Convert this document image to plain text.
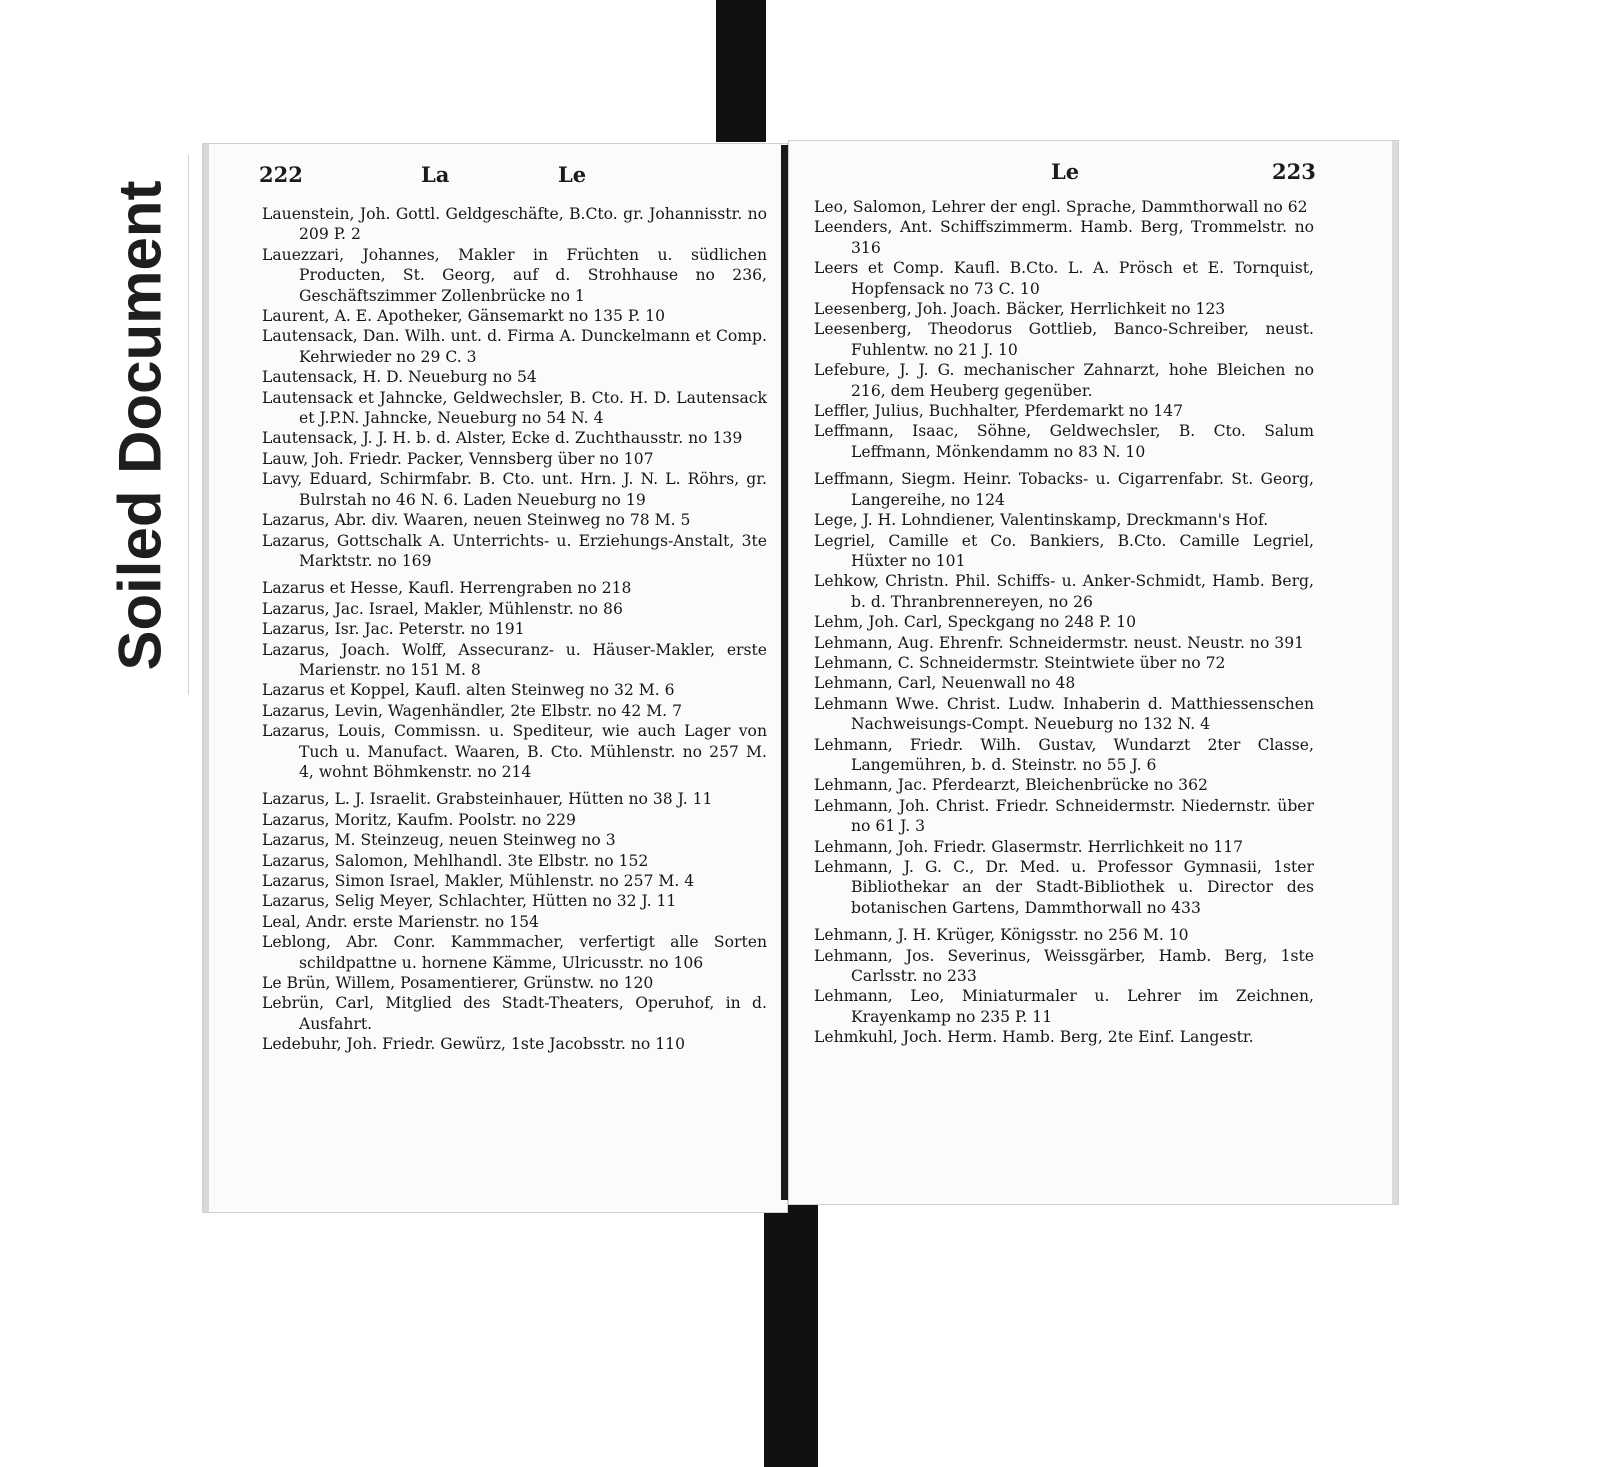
Soiled Document
222	La	Le

Lauenstein, Joh. Gottl. Geldgeschäfte, B.Cto. gr. Johannisstr. no 209 P. 2

Lauezzari, Johannes, Makler in Früchten u. südlichen Producten, St. Georg, auf d. Strohhause no 236, Geschäftszimmer Zollenbrücke no 1

Laurent, A. E. Apotheker, Gänsemarkt no 135 P. 10

Lautensack, Dan. Wilh. unt. d. Firma A. Dunckelmann et Comp. Kehrwieder no 29 C. 3

Lautensack, H. D. Neueburg no 54

Lautensack et Jahncke, Geldwechsler, B. Cto. H. D. Lautensack et J.P.N. Jahncke, Neueburg no 54 N. 4

Lautensack, J. J. H. b. d. Alster, Ecke d. Zuchthausstr. no 139

Lauw, Joh. Friedr. Packer, Vennsberg über no 107

Lavy, Eduard, Schirmfabr. B. Cto. unt. Hrn. J. N. L. Röhrs, gr. Bulrstah no 46 N. 6. Laden Neueburg no 19

Lazarus, Abr. div. Waaren, neuen Steinweg no 78 M. 5

Lazarus, Gottschalk A. Unterrichts- u. Erziehungs-Anstalt, 3te Marktstr. no 169

Lazarus et Hesse, Kaufl. Herrengraben no 218

Lazarus, Jac. Israel, Makler, Mühlenstr. no 86

Lazarus, Isr. Jac. Peterstr. no 191

Lazarus, Joach. Wolff, Assecuranz- u. Häuser-Makler, erste Marienstr. no 151 M. 8

Lazarus et Koppel, Kaufl. alten Steinweg no 32 M. 6

Lazarus, Levin, Wagenhändler, 2te Elbstr. no 42 M. 7

Lazarus, Louis, Commissn. u. Spediteur, wie auch Lager von Tuch u. Manufact. Waaren, B. Cto. Mühlenstr. no 257 M. 4, wohnt Böhmkenstr. no 214

Lazarus, L. J. Israelit. Grabsteinhauer, Hütten no 38 J. 11

Lazarus, Moritz, Kaufm. Poolstr. no 229

Lazarus, M. Steinzeug, neuen Steinweg no 3

Lazarus, Salomon, Mehlhandl. 3te Elbstr. no 152

Lazarus, Simon Israel, Makler, Mühlenstr. no 257 M. 4

Lazarus, Selig Meyer, Schlachter, Hütten no 32 J. 11

Leal, Andr. erste Marienstr. no 154

Leblong, Abr. Conr. Kammmacher, verfertigt alle Sorten schildpattne u. hornene Kämme, Ulricusstr. no 106

Le Brün, Willem, Posamentierer, Grünstw. no 120

Lebrün, Carl, Mitglied des Stadt-Theaters, Operuhof, in d. Ausfahrt.

Ledebuhr, Joh. Friedr. Gewürz, 1ste Jacobsstr. no 110

Le	223

Leo, Salomon, Lehrer der engl. Sprache, Dammthorwall no 62

Leenders, Ant. Schiffszimmerm. Hamb. Berg, Trommelstr. no 316

Leers et Comp. Kaufl. B.Cto. L. A. Prösch et E. Tornquist, Hopfensack no 73 C. 10

Leesenberg, Joh. Joach. Bäcker, Herrlichkeit no 123

Leesenberg, Theodorus Gottlieb, Banco-Schreiber, neust. Fuhlentw. no 21 J. 10

Lefebure, J. J. G. mechanischer Zahnarzt, hohe Bleichen no 216, dem Heuberg gegenüber.

Leffler, Julius, Buchhalter, Pferdemarkt no 147

Leffmann, Isaac, Söhne, Geldwechsler, B. Cto. Salum Leffmann, Mönkendamm no 83 N. 10

Leffmann, Siegm. Heinr. Tobacks- u. Cigarrenfabr. St. Georg, Langereihe, no 124

Lege, J. H. Lohndiener, Valentinskamp, Dreckmann's Hof.

Legriel, Camille et Co. Bankiers, B.Cto. Camille Legriel, Hüxter no 101

Lehkow, Christn. Phil. Schiffs- u. Anker-Schmidt, Hamb. Berg, b. d. Thranbrennereyen, no 26

Lehm, Joh. Carl, Speckgang no 248 P. 10

Lehmann, Aug. Ehrenfr. Schneidermstr. neust. Neustr. no 391

Lehmann, C. Schneidermstr. Steintwiete über no 72

Lehmann, Carl, Neuenwall no 48

Lehmann Wwe. Christ. Ludw. Inhaberin d. Matthiessenschen Nachweisungs-Compt. Neueburg no 132 N. 4

Lehmann, Friedr. Wilh. Gustav, Wundarzt 2ter Classe, Langemühren, b. d. Steinstr. no 55 J. 6

Lehmann, Jac. Pferdearzt, Bleichenbrücke no 362

Lehmann, Joh. Christ. Friedr. Schneidermstr. Niedernstr. über no 61 J. 3

Lehmann, Joh. Friedr. Glasermstr. Herrlichkeit no 117

Lehmann, J. G. C., Dr. Med. u. Professor Gymnasii, 1ster Bibliothekar an der Stadt-Bibliothek u. Director des botanischen Gartens, Dammthorwall no 433

Lehmann, J. H. Krüger, Königsstr. no 256 M. 10

Lehmann, Jos. Severinus, Weissgärber, Hamb. Berg, 1ste Carlsstr. no 233

Lehmann, Leo, Miniaturmaler u. Lehrer im Zeichnen, Krayenkamp no 235 P. 11

Lehmkuhl, Joch. Herm. Hamb. Berg, 2te Einf. Langestr.
